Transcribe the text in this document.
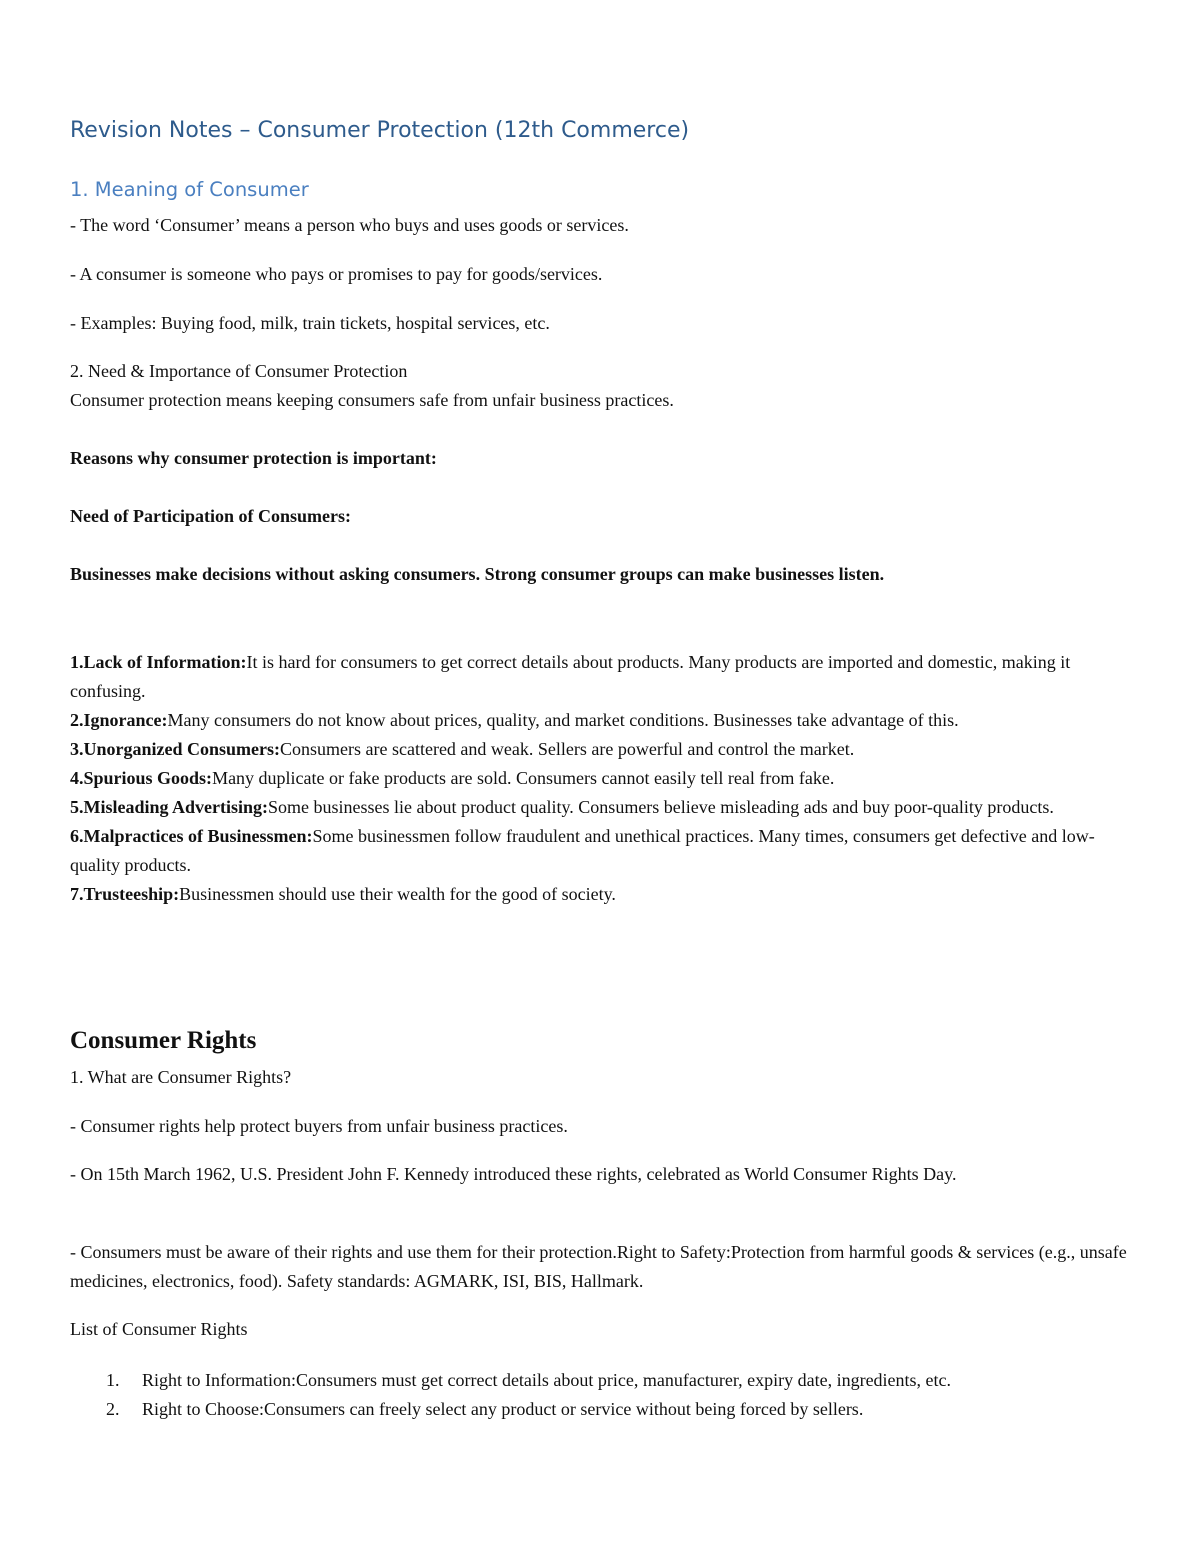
Revision Notes – Consumer Protection (12th Commerce)
1. Meaning of Consumer

- The word ‘Consumer’ means a person who buys and uses goods or services.

- A consumer is someone who pays or promises to pay for goods/services.

- Examples: Buying food, milk, train tickets, hospital services, etc.

2. Need & Importance of Consumer Protection

Consumer protection means keeping consumers safe from unfair business practices.

Reasons why consumer protection is important:

Need of Participation of Consumers:

Businesses make decisions without asking consumers. Strong consumer groups can make businesses listen.

1.Lack of Information:It is hard for consumers to get correct details about products. Many products are imported and domestic, making it confusing.

2.Ignorance:Many consumers do not know about prices, quality, and market conditions. Businesses take advantage of this.

3.Unorganized Consumers:Consumers are scattered and weak. Sellers are powerful and control the market.

4.Spurious Goods:Many duplicate or fake products are sold. Consumers cannot easily tell real from fake.

5.Misleading Advertising:Some businesses lie about product quality. Consumers believe misleading ads and buy poor-quality products.

6.Malpractices of Businessmen:Some businessmen follow fraudulent and unethical practices. Many times, consumers get defective and low-quality products.

7.Trusteeship:Businessmen should use their wealth for the good of society.

Consumer Rights

1. What are Consumer Rights?

- Consumer rights help protect buyers from unfair business practices.

- On 15th March 1962, U.S. President John F. Kennedy introduced these rights, celebrated as World Consumer Rights Day.

- Consumers must be aware of their rights and use them for their protection.Right to Safety:Protection from harmful goods & services (e.g., unsafe medicines, electronics, food). Safety standards: AGMARK, ISI, BIS, Hallmark.

List of Consumer Rights

1. Right to Information:Consumers must get correct details about price, manufacturer, expiry date, ingredients, etc.
2. Right to Choose:Consumers can freely select any product or service without being forced by sellers.
